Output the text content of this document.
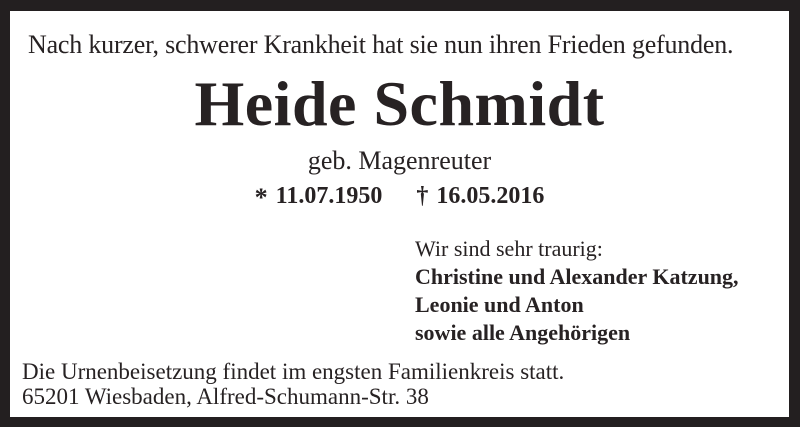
Nach kurzer, schwerer Krankheit hat sie nun ihren Frieden gefunden.

Heide Schmidt

geb. Magenreuter

* 11.07.1950 † 16.05.2016

Wir sind sehr traurig:

Christine und Alexander Katzung,

Leonie und Anton

sowie alle Angehörigen

Die Urnenbeisetzung findet im engsten Familienkreis statt.

65201 Wiesbaden, Alfred-Schumann-Str. 38
